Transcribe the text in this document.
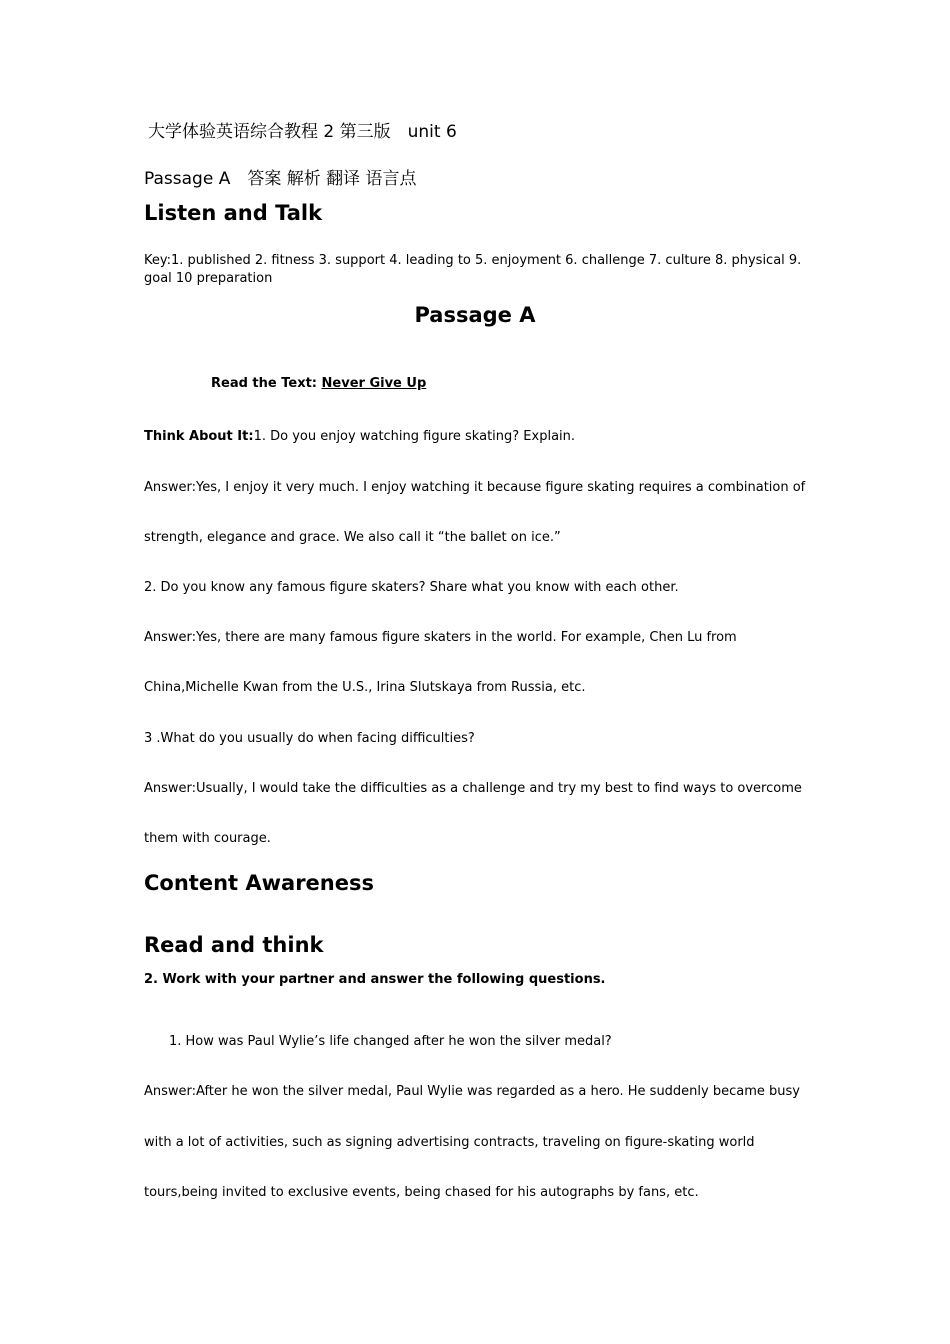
大学体验英语综合教程 2 第三版　unit 6
Passage A　答案 解析 翻译 语言点
Listen and Talk
Key:1. published 2. fitness 3. support 4. leading to 5. enjoyment 6. challenge 7. culture 8. physical 9. goal 10 preparation
Passage A
Read the Text: Never Give Up
Think About It:1. Do you enjoy watching figure skating? Explain.
Answer:Yes, I enjoy it very much. I enjoy watching it because figure skating requires a combination of
strength, elegance and grace. We also call it “the ballet on ice.”
2. Do you know any famous figure skaters? Share what you know with each other.
Answer:Yes, there are many famous figure skaters in the world. For example, Chen Lu from
China,Michelle Kwan from the U.S., Irina Slutskaya from Russia, etc.
3 .What do you usually do when facing difficulties?
Answer:Usually, I would take the difficulties as a challenge and try my best to find ways to overcome
them with courage.
Content Awareness
Read and think
2. Work with your partner and answer the following questions.
1. How was Paul Wylie’s life changed after he won the silver medal?
Answer:After he won the silver medal, Paul Wylie was regarded as a hero. He suddenly became busy
with a lot of activities, such as signing advertising contracts, traveling on figure-skating world
tours,being invited to exclusive events, being chased for his autographs by fans, etc.
